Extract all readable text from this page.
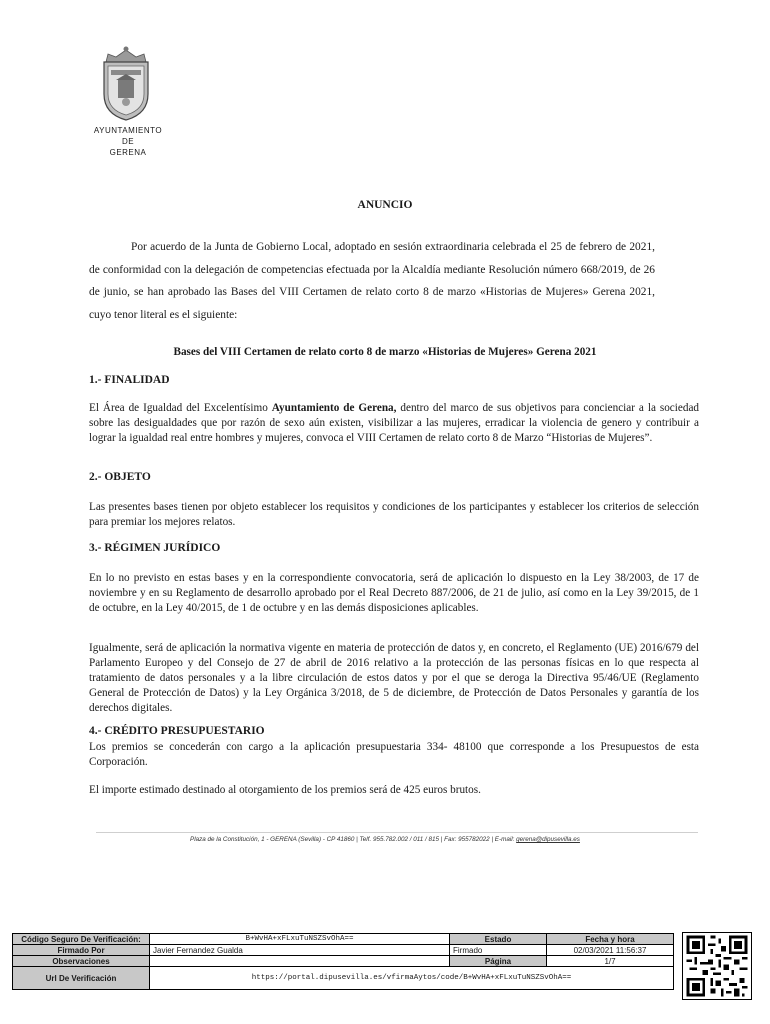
AYUNTAMIENTO
DE
GERENA
ANUNCIO

Por acuerdo de la Junta de Gobierno Local, adoptado en sesión extraordinaria celebrada el 25 de febrero de 2021, de conformidad con la delegación de competencias efectuada por la Alcaldía mediante Resolución número 668/2019, de 26 de junio, se han aprobado las Bases del VIII Certamen de relato corto 8 de marzo «Historias de Mujeres» Gerena 2021, cuyo tenor literal es el siguiente:

Bases del VIII Certamen de relato corto 8 de marzo «Historias de Mujeres» Gerena 2021

1.- FINALIDAD

El Área de Igualdad del Excelentísimo Ayuntamiento de Gerena, dentro del marco de sus objetivos para concienciar a la sociedad sobre las desigualdades que por razón de sexo aún existen, visibilizar a las mujeres, erradicar la violencia de genero y contribuir a lograr la igualdad real entre hombres y mujeres, convoca el VIII Certamen de relato corto 8 de Marzo “Historias de Mujeres”.

2.- OBJETO

Las presentes bases tienen por objeto establecer los requisitos y condiciones de los participantes y establecer los criterios de selección para premiar los mejores relatos.

3.- RÉGIMEN JURÍDICO

En lo no previsto en estas bases y en la correspondiente convocatoria, será de aplicación lo dispuesto en la Ley 38/2003, de 17 de noviembre y en su Reglamento de desarrollo aprobado por el Real Decreto 887/2006, de 21 de julio, así como en la Ley 39/2015, de 1 de octubre, en la Ley 40/2015, de 1 de octubre y en las demás disposiciones aplicables.

Igualmente, será de aplicación la normativa vigente en materia de protección de datos y, en concreto, el Reglamento (UE) 2016/679 del Parlamento Europeo y del Consejo de 27 de abril de 2016 relativo a la protección de las personas físicas en lo que respecta al tratamiento de datos personales y a la libre circulación de estos datos y por el que se deroga la Directiva 95/46/UE (Reglamento General de Protección de Datos) y la Ley Orgánica 3/2018, de 5 de diciembre, de Protección de Datos Personales y garantía de los derechos digitales.

4.- CRÉDITO PRESUPUESTARIO

Los premios se concederán con cargo a la aplicación presupuestaria 334- 48100 que corresponde a los Presupuestos de esta Corporación.

El importe estimado destinado al otorgamiento de los premios será de 425 euros brutos.

Plaza de la Constitución, 1 - GERENA (Sevilla) - CP 41860 | Telf. 955.782.002 / 011 / 815 | Fax: 955782022 | E-mail: gerena@dipusevilla.es
Código Seguro De Verificación:	B+WvHA+xFLxuTuNSZSvOhA==	Estado	Fecha y hora
Firmado Por	Javier Fernandez Gualda	Firmado	02/03/2021 11:56:37
Observaciones		Página	1/7
Url De Verificación	https://portal.dipusevilla.es/vfirmaAytos/code/B+WvHA+xFLxuTuNSZSvOhA==		
